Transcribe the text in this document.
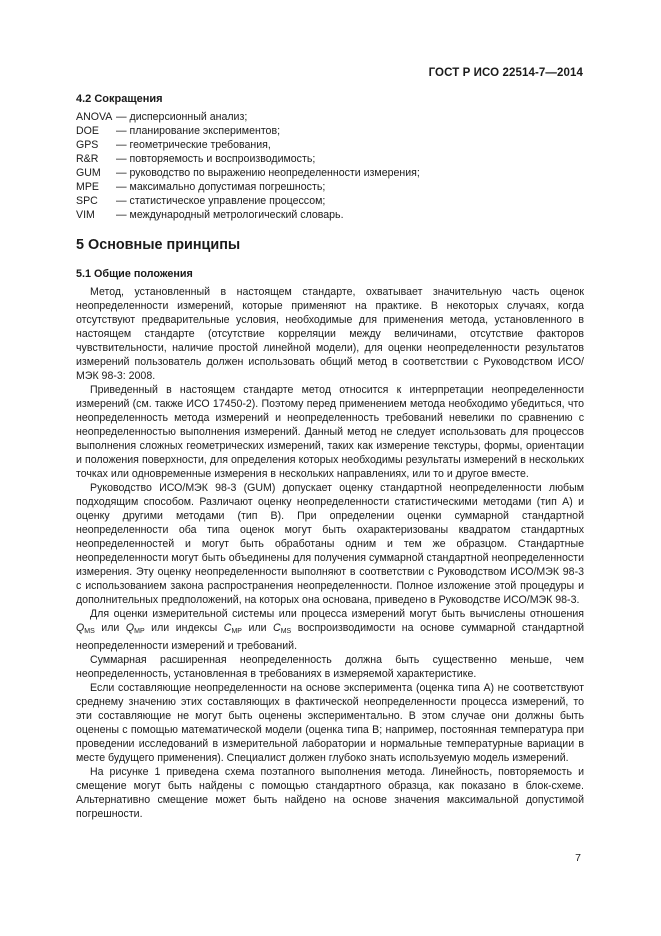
ГОСТ Р ИСО 22514-7—2014
4.2 Сокращения
ANOVA — дисперсионный анализ;
DOE	— планирование экспериментов;
GPS	— геометрические требования,
R&R	— повторяемость и воспроизводимость;
GUM	— руководство по выражению неопределенности измерения;
MPE	— максимально допустимая погрешность;
SPC	— статистическое управление процессом;
VIM	— международный метрологический словарь.
5 Основные принципы
5.1 Общие положения

Метод, установленный в настоящем стандарте, охватывает значительную часть оценок неопределенности измерений, которые применяют на практике. В некоторых случаях, когда отсутствуют предварительные условия, необходимые для применения метода, установленного в настоящем стандарте (отсутствие корреляции между величинами, отсутствие факторов чувствительности, наличие простой линейной модели), для оценки неопределенности результатов измерений пользователь должен использовать общий метод в соответствии с Руководством ИСО/МЭК 98-3: 2008.

Приведенный в настоящем стандарте метод относится к интерпретации неопределенности измерений (см. также ИСО 17450-2). Поэтому перед применением метода необходимо убедиться, что неопределенность метода измерений и неопределенность требований невелики по сравнению с неопределенностью выполнения измерений. Данный метод не следует использовать для процессов выполнения сложных геометрических измерений, таких как измерение текстуры, формы, ориентации и положения поверхности, для определения которых необходимы результаты измерений в нескольких точках или одновременные измерения в нескольких направлениях, или то и другое вместе.

Руководство ИСО/МЭК 98-3 (GUM) допускает оценку стандартной неопределенности любым подходящим способом. Различают оценку неопределенности статистическими методами (тип А) и оценку другими методами (тип В). При определении оценки суммарной стандартной неопределенности оба типа оценок могут быть охарактеризованы квадратом стандартных неопределенностей и могут быть обработаны одним и тем же образцом. Стандартные неопределенности могут быть объединены для получения суммарной стандартной неопределенности измерения. Эту оценку неопределенности выполняют в соответствии с Руководством ИСО/МЭК 98-3 с использованием закона распространения неопределенности. Полное изложение этой процедуры и дополнительных предположений, на которых она основана, приведено в Руководстве ИСО/МЭК 98-3.

Для оценки измерительной системы или процесса измерений могут быть вычислены отношения $Q_{MS}$ или $Q_{MP}$ или индексы $C_{MP}$ или $C_{MS}$ воспроизводимости на основе суммарной стандартной неопределенности измерений и требований.

Суммарная расширенная неопределенность должна быть существенно меньше, чем неопределенность, установленная в требованиях в измеряемой характеристике.

Если составляющие неопределенности на основе эксперимента (оценка типа А) не соответствуют среднему значению этих составляющих в фактической неопределенности процесса измерений, то эти составляющие не могут быть оценены экспериментально. В этом случае они должны быть оценены с помощью математической модели (оценка типа В; например, постоянная температура при проведении исследований в измерительной лаборатории и нормальные температурные вариации в месте будущего применения). Специалист должен глубоко знать используемую модель измерений.

На рисунке 1 приведена схема поэтапного выполнения метода. Линейность, повторяемость и смещение могут быть найдены с помощью стандартного образца, как показано в блок-схеме. Альтернативно смещение может быть найдено на основе значения максимальной допустимой погрешности.

7
